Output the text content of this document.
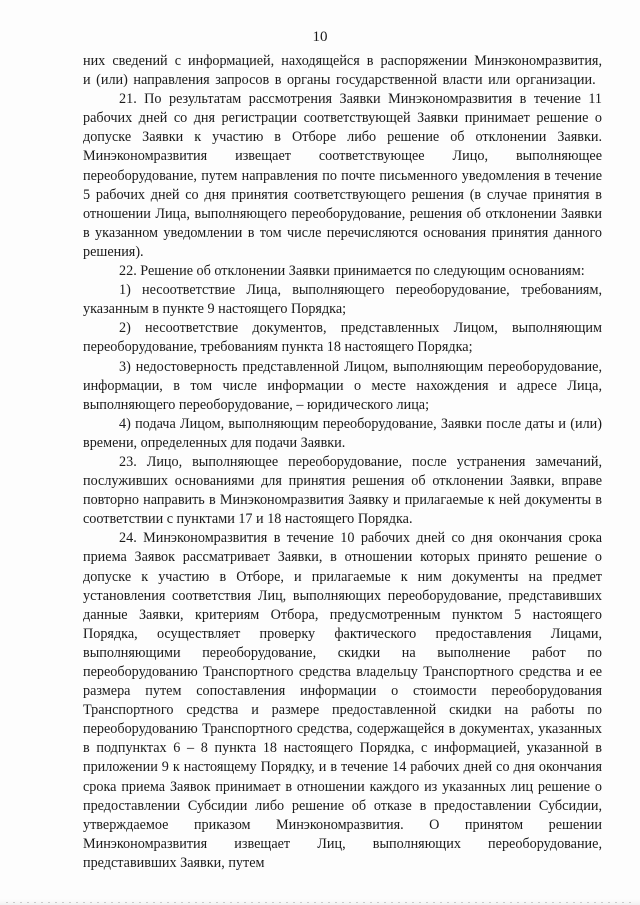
10

них сведений с информацией, находящейся в распоряжении Минэкономразвития, и (или) направления запросов в органы государственной власти или организации.

21. По результатам рассмотрения Заявки Минэкономразвития в течение 11 рабочих дней со дня регистрации соответствующей Заявки принимает решение о допуске Заявки к участию в Отборе либо решение об отклонении Заявки. Минэкономразвития извещает соответствующее Лицо, выполняющее переоборудование, путем направления по почте письменного уведомления в течение 5 рабочих дней со дня принятия соответствующего решения (в случае принятия в отношении Лица, выполняющего переоборудование, решения об отклонении Заявки в указанном уведомлении в том числе перечисляются основания принятия данного решения).

22. Решение об отклонении Заявки принимается по следующим основаниям:

1) несоответствие Лица, выполняющего переоборудование, требованиям, указанным в пункте 9 настоящего Порядка;

2) несоответствие документов, представленных Лицом, выполняющим переоборудование, требованиям пункта 18 настоящего Порядка;

3) недостоверность представленной Лицом, выполняющим переоборудование, информации, в том числе информации о месте нахождения и адресе Лица, выполняющего переоборудование, – юридического лица;

4) подача Лицом, выполняющим переоборудование, Заявки после даты и (или) времени, определенных для подачи Заявки.

23. Лицо, выполняющее переоборудование, после устранения замечаний, послуживших основаниями для принятия решения об отклонении Заявки, вправе повторно направить в Минэкономразвития Заявку и прилагаемые к ней документы в соответствии с пунктами 17 и 18 настоящего Порядка.

24. Минэкономразвития в течение 10 рабочих дней со дня окончания срока приема Заявок рассматривает Заявки, в отношении которых принято решение о допуске к участию в Отборе, и прилагаемые к ним документы на предмет установления соответствия Лиц, выполняющих переоборудование, представивших данные Заявки, критериям Отбора, предусмотренным пунктом 5 настоящего Порядка, осуществляет проверку фактического предоставления Лицами, выполняющими переоборудование, скидки на выполнение работ по переоборудованию Транспортного средства владельцу Транспортного средства и ее размера путем сопоставления информации о стоимости переоборудования Транспортного средства и размере предоставленной скидки на работы по переоборудованию Транспортного средства, содержащейся в документах, указанных в подпунктах 6 – 8 пункта 18 настоящего Порядка, с информацией, указанной в приложении 9 к настоящему Порядку, и в течение 14 рабочих дней со дня окончания срока приема Заявок принимает в отношении каждого из указанных лиц решение о предоставлении Субсидии либо решение об отказе в предоставлении Субсидии, утверждаемое приказом Минэкономразвития. О принятом решении Минэкономразвития извещает Лиц, выполняющих переоборудование, представивших Заявки, путем
